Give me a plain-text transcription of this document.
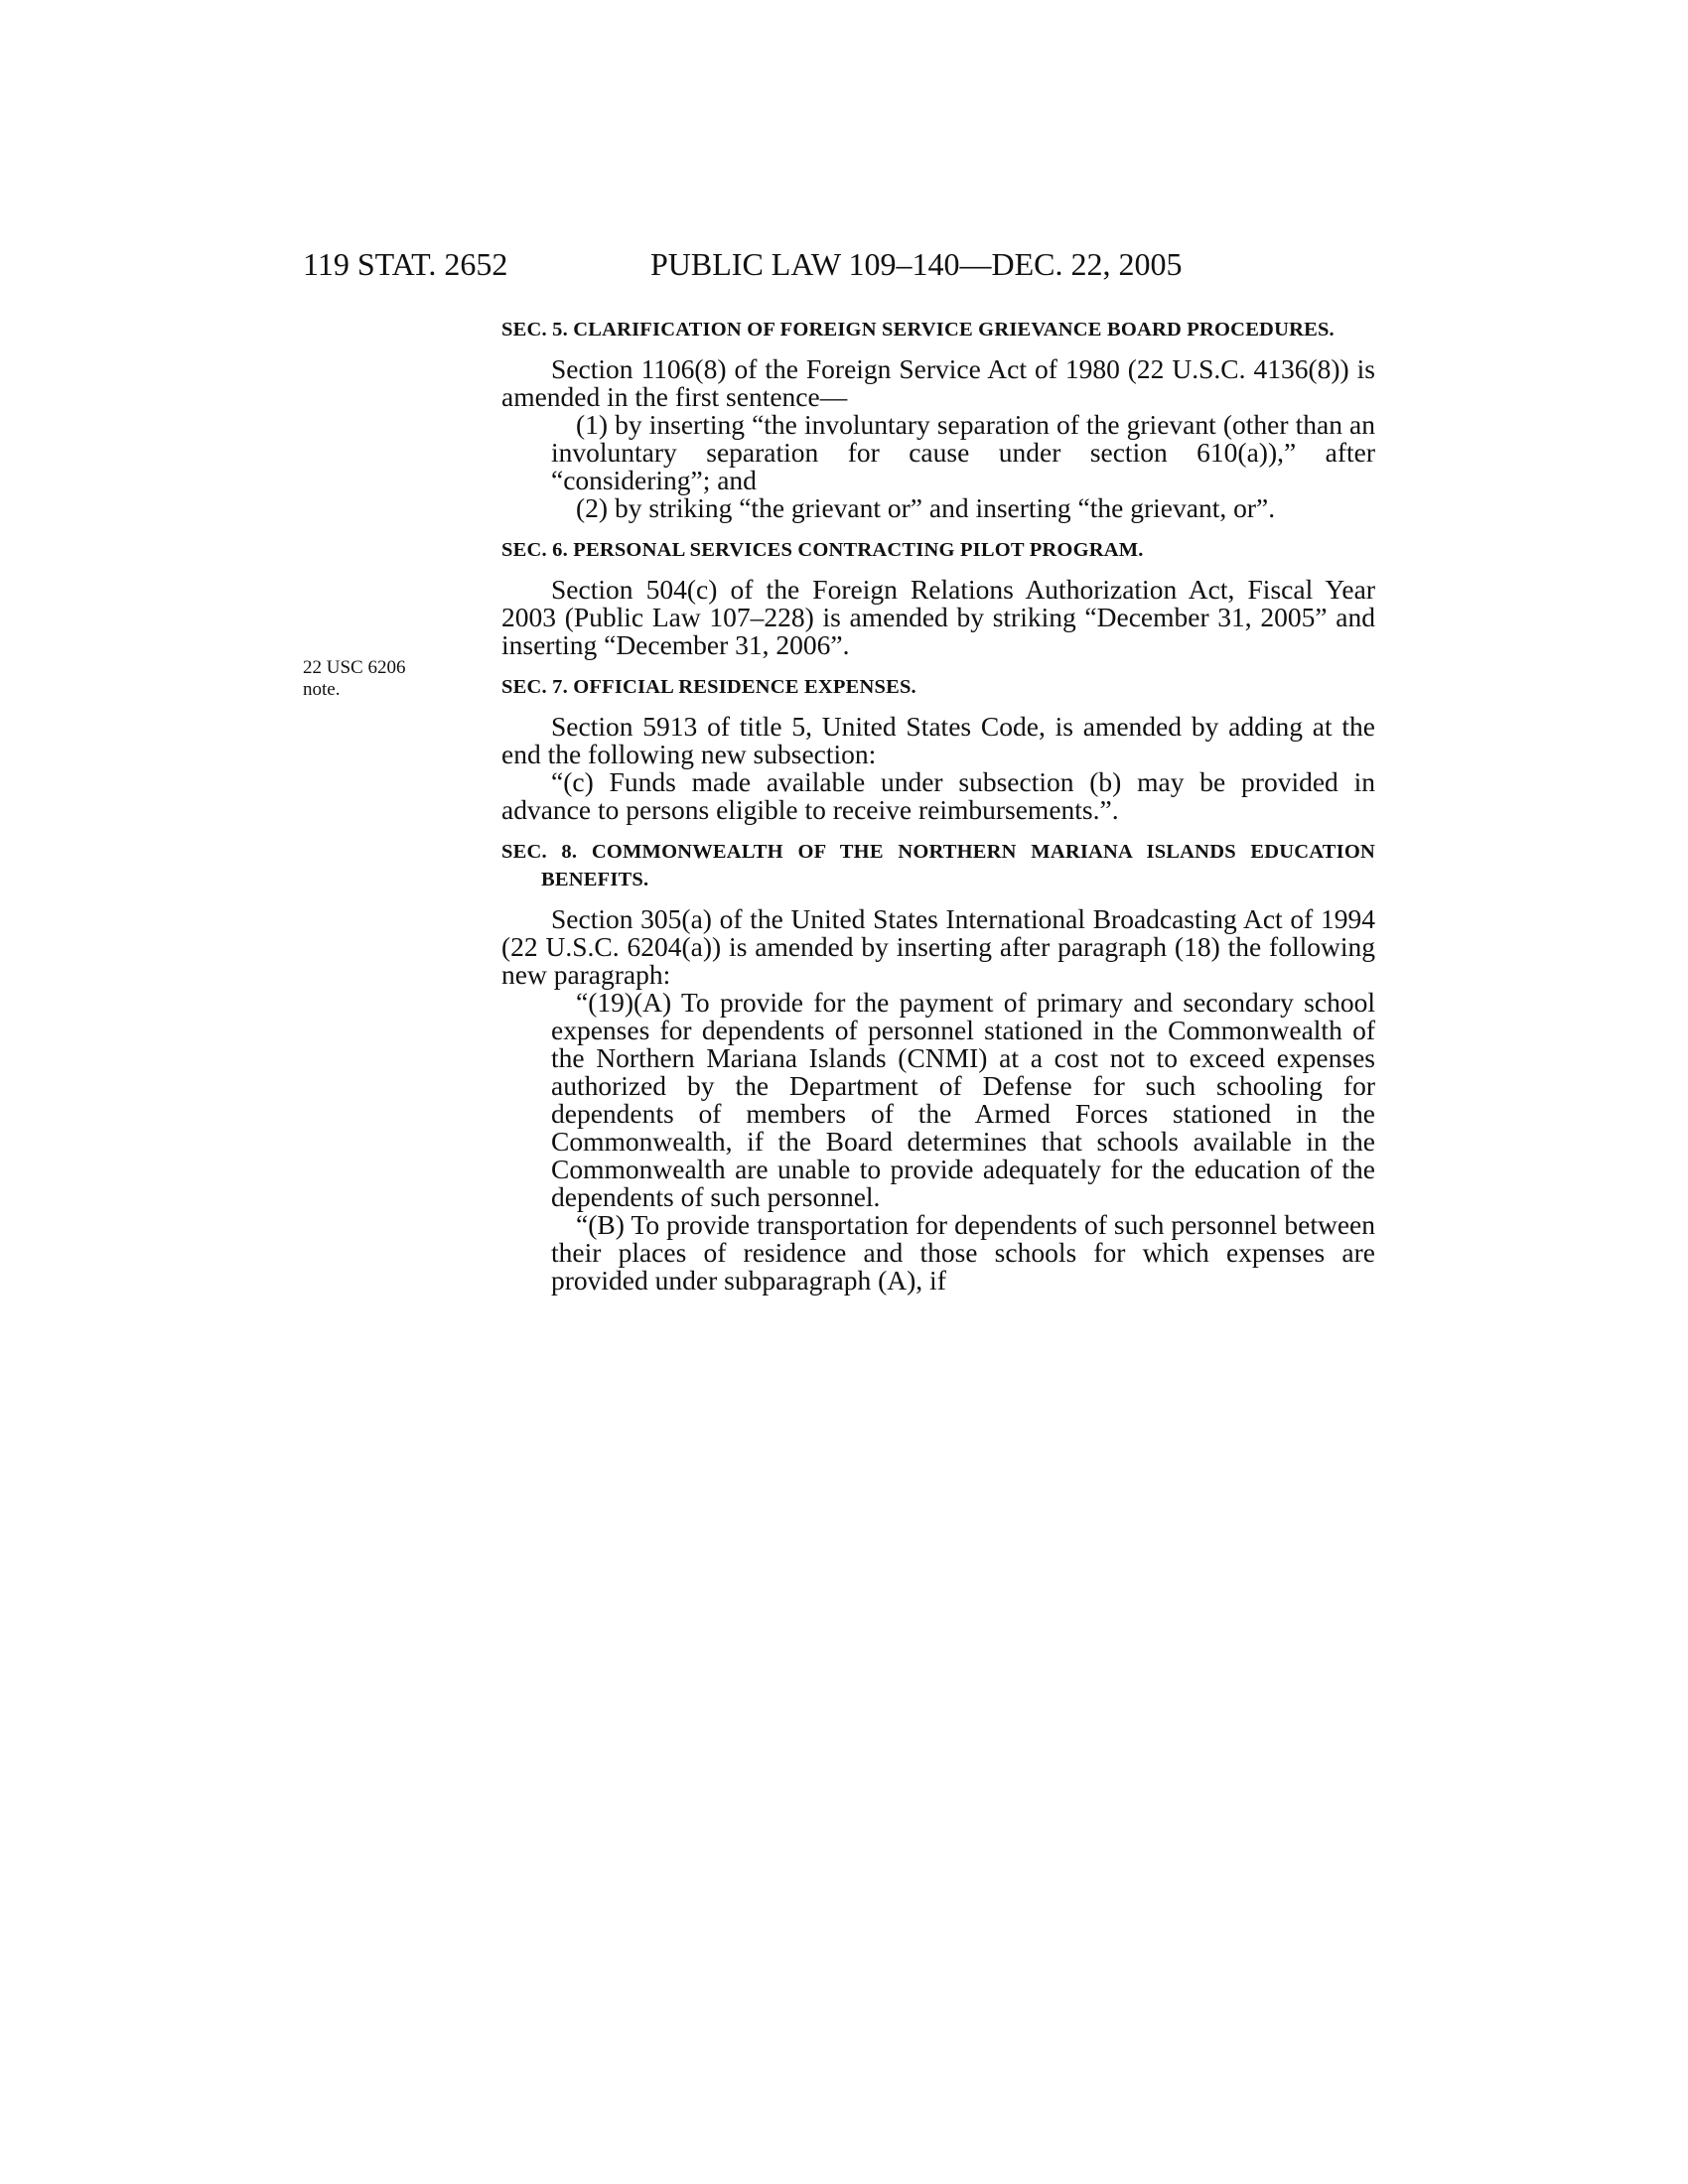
119 STAT. 2652	PUBLIC LAW 109–140—DEC. 22, 2005
22 USC 6206
note.
SEC. 5. CLARIFICATION OF FOREIGN SERVICE GRIEVANCE BOARD PROCEDURES.

Section 1106(8) of the Foreign Service Act of 1980 (22 U.S.C. 4136(8)) is amended in the first sentence—

(1) by inserting “the involuntary separation of the grievant (other than an involuntary separation for cause under section 610(a)),” after “considering”; and

(2) by striking “the grievant or” and inserting “the grievant, or”.

SEC. 6. PERSONAL SERVICES CONTRACTING PILOT PROGRAM.

Section 504(c) of the Foreign Relations Authorization Act, Fiscal Year 2003 (Public Law 107–228) is amended by striking “December 31, 2005” and inserting “December 31, 2006”.

SEC. 7. OFFICIAL RESIDENCE EXPENSES.

Section 5913 of title 5, United States Code, is amended by adding at the end the following new subsection:

“(c) Funds made available under subsection (b) may be provided in advance to persons eligible to receive reimbursements.”.

SEC. 8. COMMONWEALTH OF THE NORTHERN MARIANA ISLANDS EDUCATION BENEFITS.

Section 305(a) of the United States International Broadcasting Act of 1994 (22 U.S.C. 6204(a)) is amended by inserting after paragraph (18) the following new paragraph:

“(19)(A) To provide for the payment of primary and secondary school expenses for dependents of personnel stationed in the Commonwealth of the Northern Mariana Islands (CNMI) at a cost not to exceed expenses authorized by the Department of Defense for such schooling for dependents of members of the Armed Forces stationed in the Commonwealth, if the Board determines that schools available in the Commonwealth are unable to provide adequately for the education of the dependents of such personnel.

“(B) To provide transportation for dependents of such personnel between their places of residence and those schools for which expenses are provided under subparagraph (A), if
